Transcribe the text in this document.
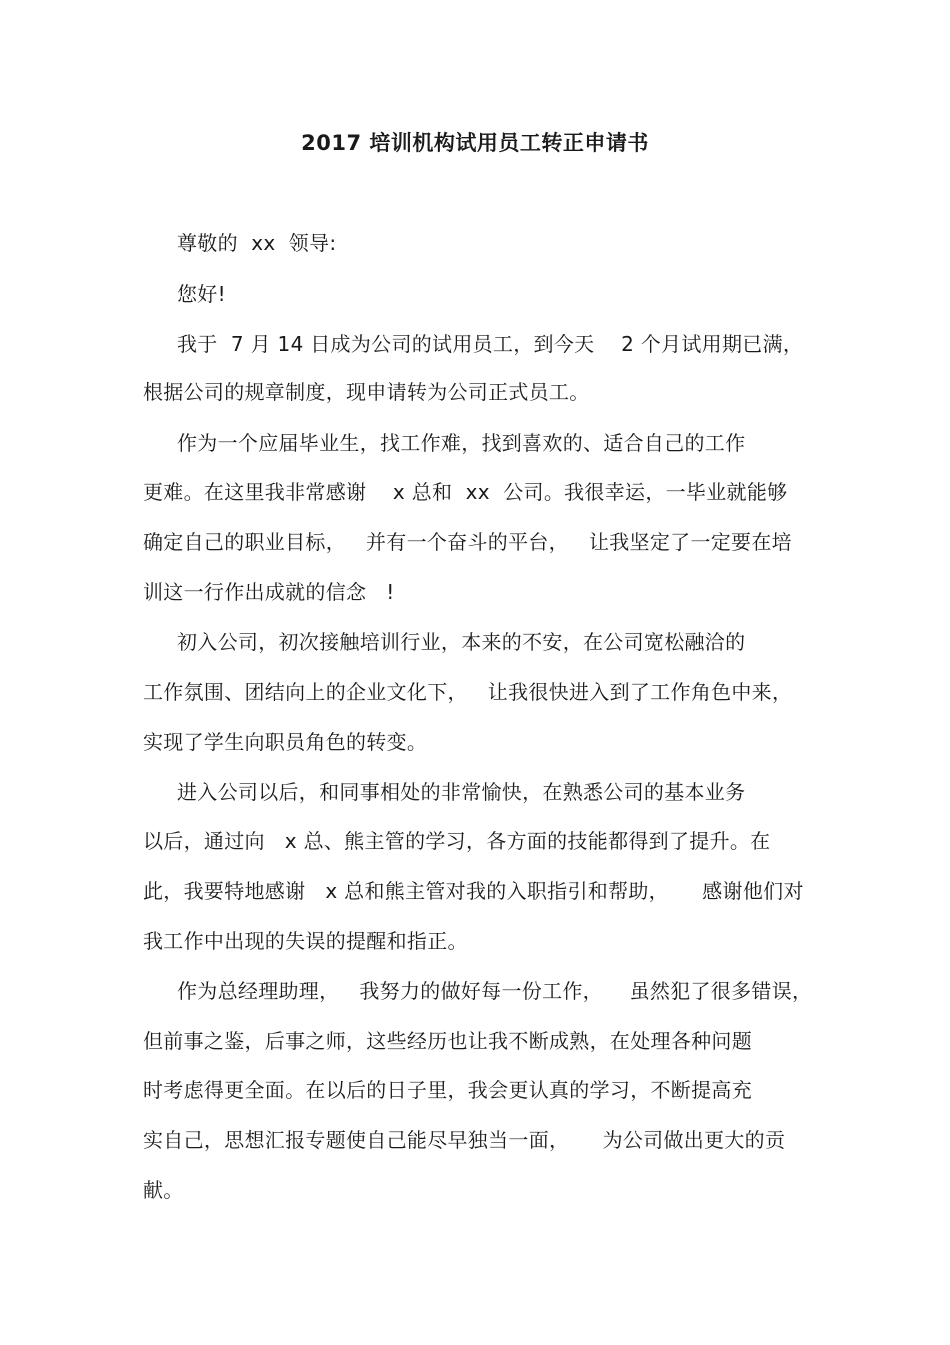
2017 培训机构试用员工转正申请书
尊敬的  xx  领导:
您好!
我于  7 月 14 日成为公司的试用员工，到今天    2 个月试用期已满，
根据公司的规章制度，现申请转为公司正式员工。
作为一个应届毕业生，找工作难，找到喜欢的、适合自己的工作
更难。在这里我非常感谢    x 总和  xx  公司。我很幸运，一毕业就能够
确定自己的职业目标，   并有一个奋斗的平台，   让我坚定了一定要在培
训这一行作出成就的信念   !
初入公司，初次接触培训行业，本来的不安，在公司宽松融洽的
工作氛围、团结向上的企业文化下，   让我很快进入到了工作角色中来，
实现了学生向职员角色的转变。
进入公司以后，和同事相处的非常愉快，在熟悉公司的基本业务
以后，通过向   x 总、熊主管的学习，各方面的技能都得到了提升。在
此，我要特地感谢   x 总和熊主管对我的入职指引和帮助，     感谢他们对
我工作中出现的失误的提醒和指正。
作为总经理助理，   我努力的做好每一份工作，    虽然犯了很多错误，
但前事之鉴，后事之师，这些经历也让我不断成熟，在处理各种问题
时考虑得更全面。在以后的日子里，我会更认真的学习，不断提高充
实自己，思想汇报专题使自己能尽早独当一面，     为公司做出更大的贡
献。
